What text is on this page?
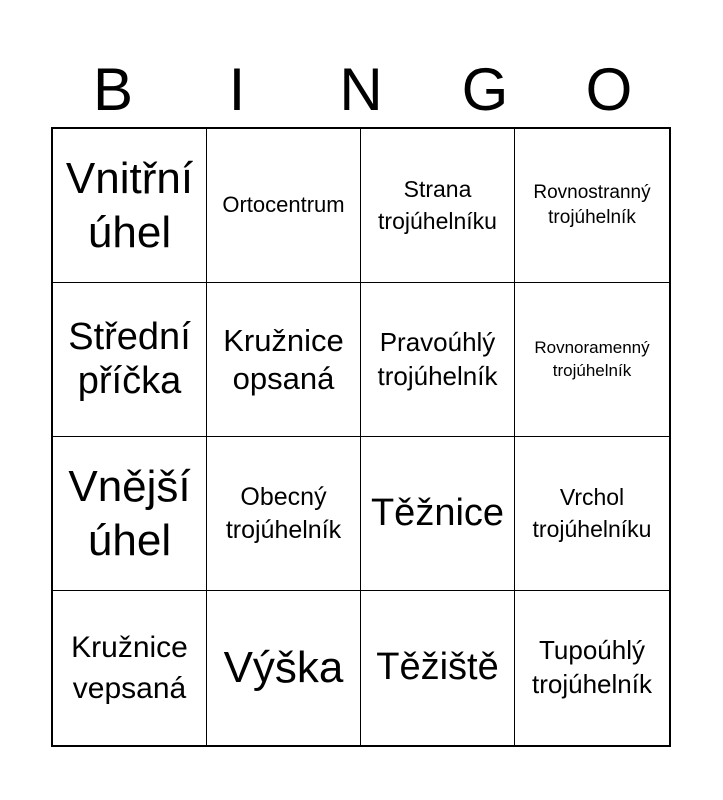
B	I	N	G	O
Vnitřní úhel
Ortocentrum
Strana trojúhelníku
Rovnostranný trojúhelník
Střední příčka
Kružnice opsaná
Pravoúhlý trojúhelník
Rovnoramenný trojúhelník
Vnější úhel
Obecný trojúhelník Těžnice	Vrchol trojúhelníku
Kružnice vepsaná Výška Těžiště	Tupoúhlý trojúhelník
